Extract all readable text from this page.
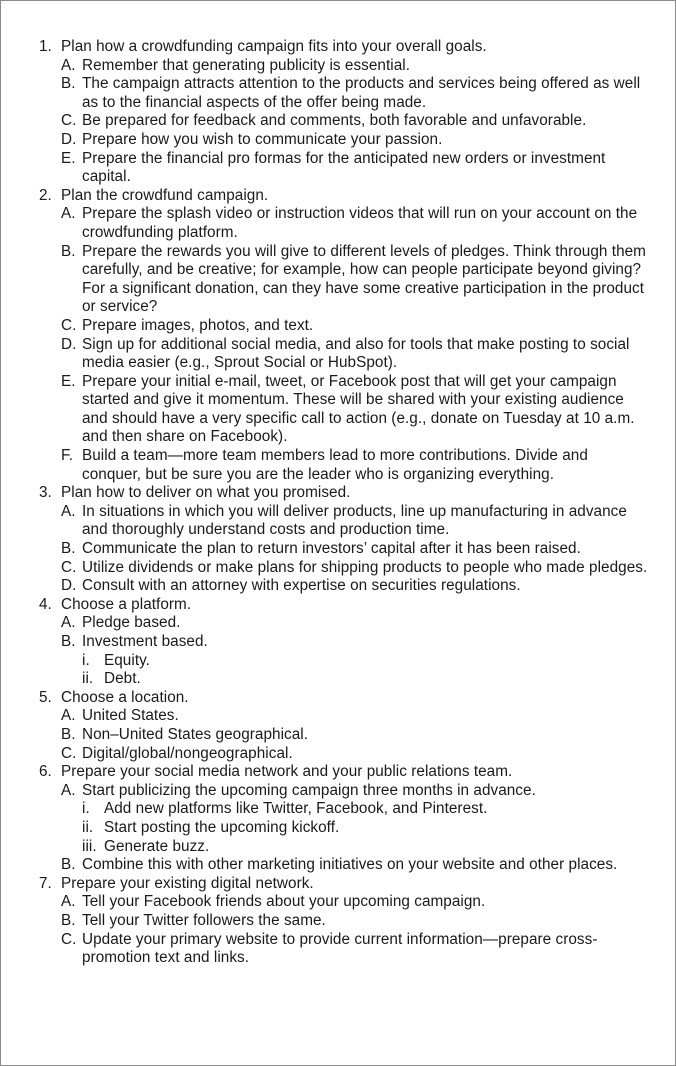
1. Plan how a crowdfunding campaign fits into your overall goals.
A. Remember that generating publicity is essential.
B. The campaign attracts attention to the products and services being offered as well as to the financial aspects of the offer being made.
C. Be prepared for feedback and comments, both favorable and unfavorable.
D. Prepare how you wish to communicate your passion.
E. Prepare the financial pro formas for the anticipated new orders or investment capital.
2. Plan the crowdfund campaign.
A. Prepare the splash video or instruction videos that will run on your account on the crowdfunding platform.
B. Prepare the rewards you will give to different levels of pledges. Think through them carefully, and be creative; for example, how can people participate beyond giving? For a significant donation, can they have some creative participation in the product or service?
C. Prepare images, photos, and text.
D. Sign up for additional social media, and also for tools that make posting to social media easier (e.g., Sprout Social or HubSpot).
E. Prepare your initial e-mail, tweet, or Facebook post that will get your campaign started and give it momentum. These will be shared with your existing audience and should have a very specific call to action (e.g., donate on Tuesday at 10 a.m. and then share on Facebook).
F. Build a team—more team members lead to more contributions. Divide and conquer, but be sure you are the leader who is organizing everything.
3. Plan how to deliver on what you promised.
A. In situations in which you will deliver products, line up manufacturing in advance and thoroughly understand costs and production time.
B. Communicate the plan to return investors’ capital after it has been raised.
C. Utilize dividends or make plans for shipping products to people who made pledges.
D. Consult with an attorney with expertise on securities regulations.
4. Choose a platform.
A. Pledge based.
B. Investment based.
i. Equity.
ii. Debt.
5. Choose a location.
A. United States.
B. Non–United States geographical.
C. Digital/global/nongeographical.
6. Prepare your social media network and your public relations team.
A. Start publicizing the upcoming campaign three months in advance.
i. Add new platforms like Twitter, Facebook, and Pinterest.
ii. Start posting the upcoming kickoff.
iii. Generate buzz.
B. Combine this with other marketing initiatives on your website and other places.
7. Prepare your existing digital network.
A. Tell your Facebook friends about your upcoming campaign.
B. Tell your Twitter followers the same.
C. Update your primary website to provide current information—prepare cross-promotion text and links.
